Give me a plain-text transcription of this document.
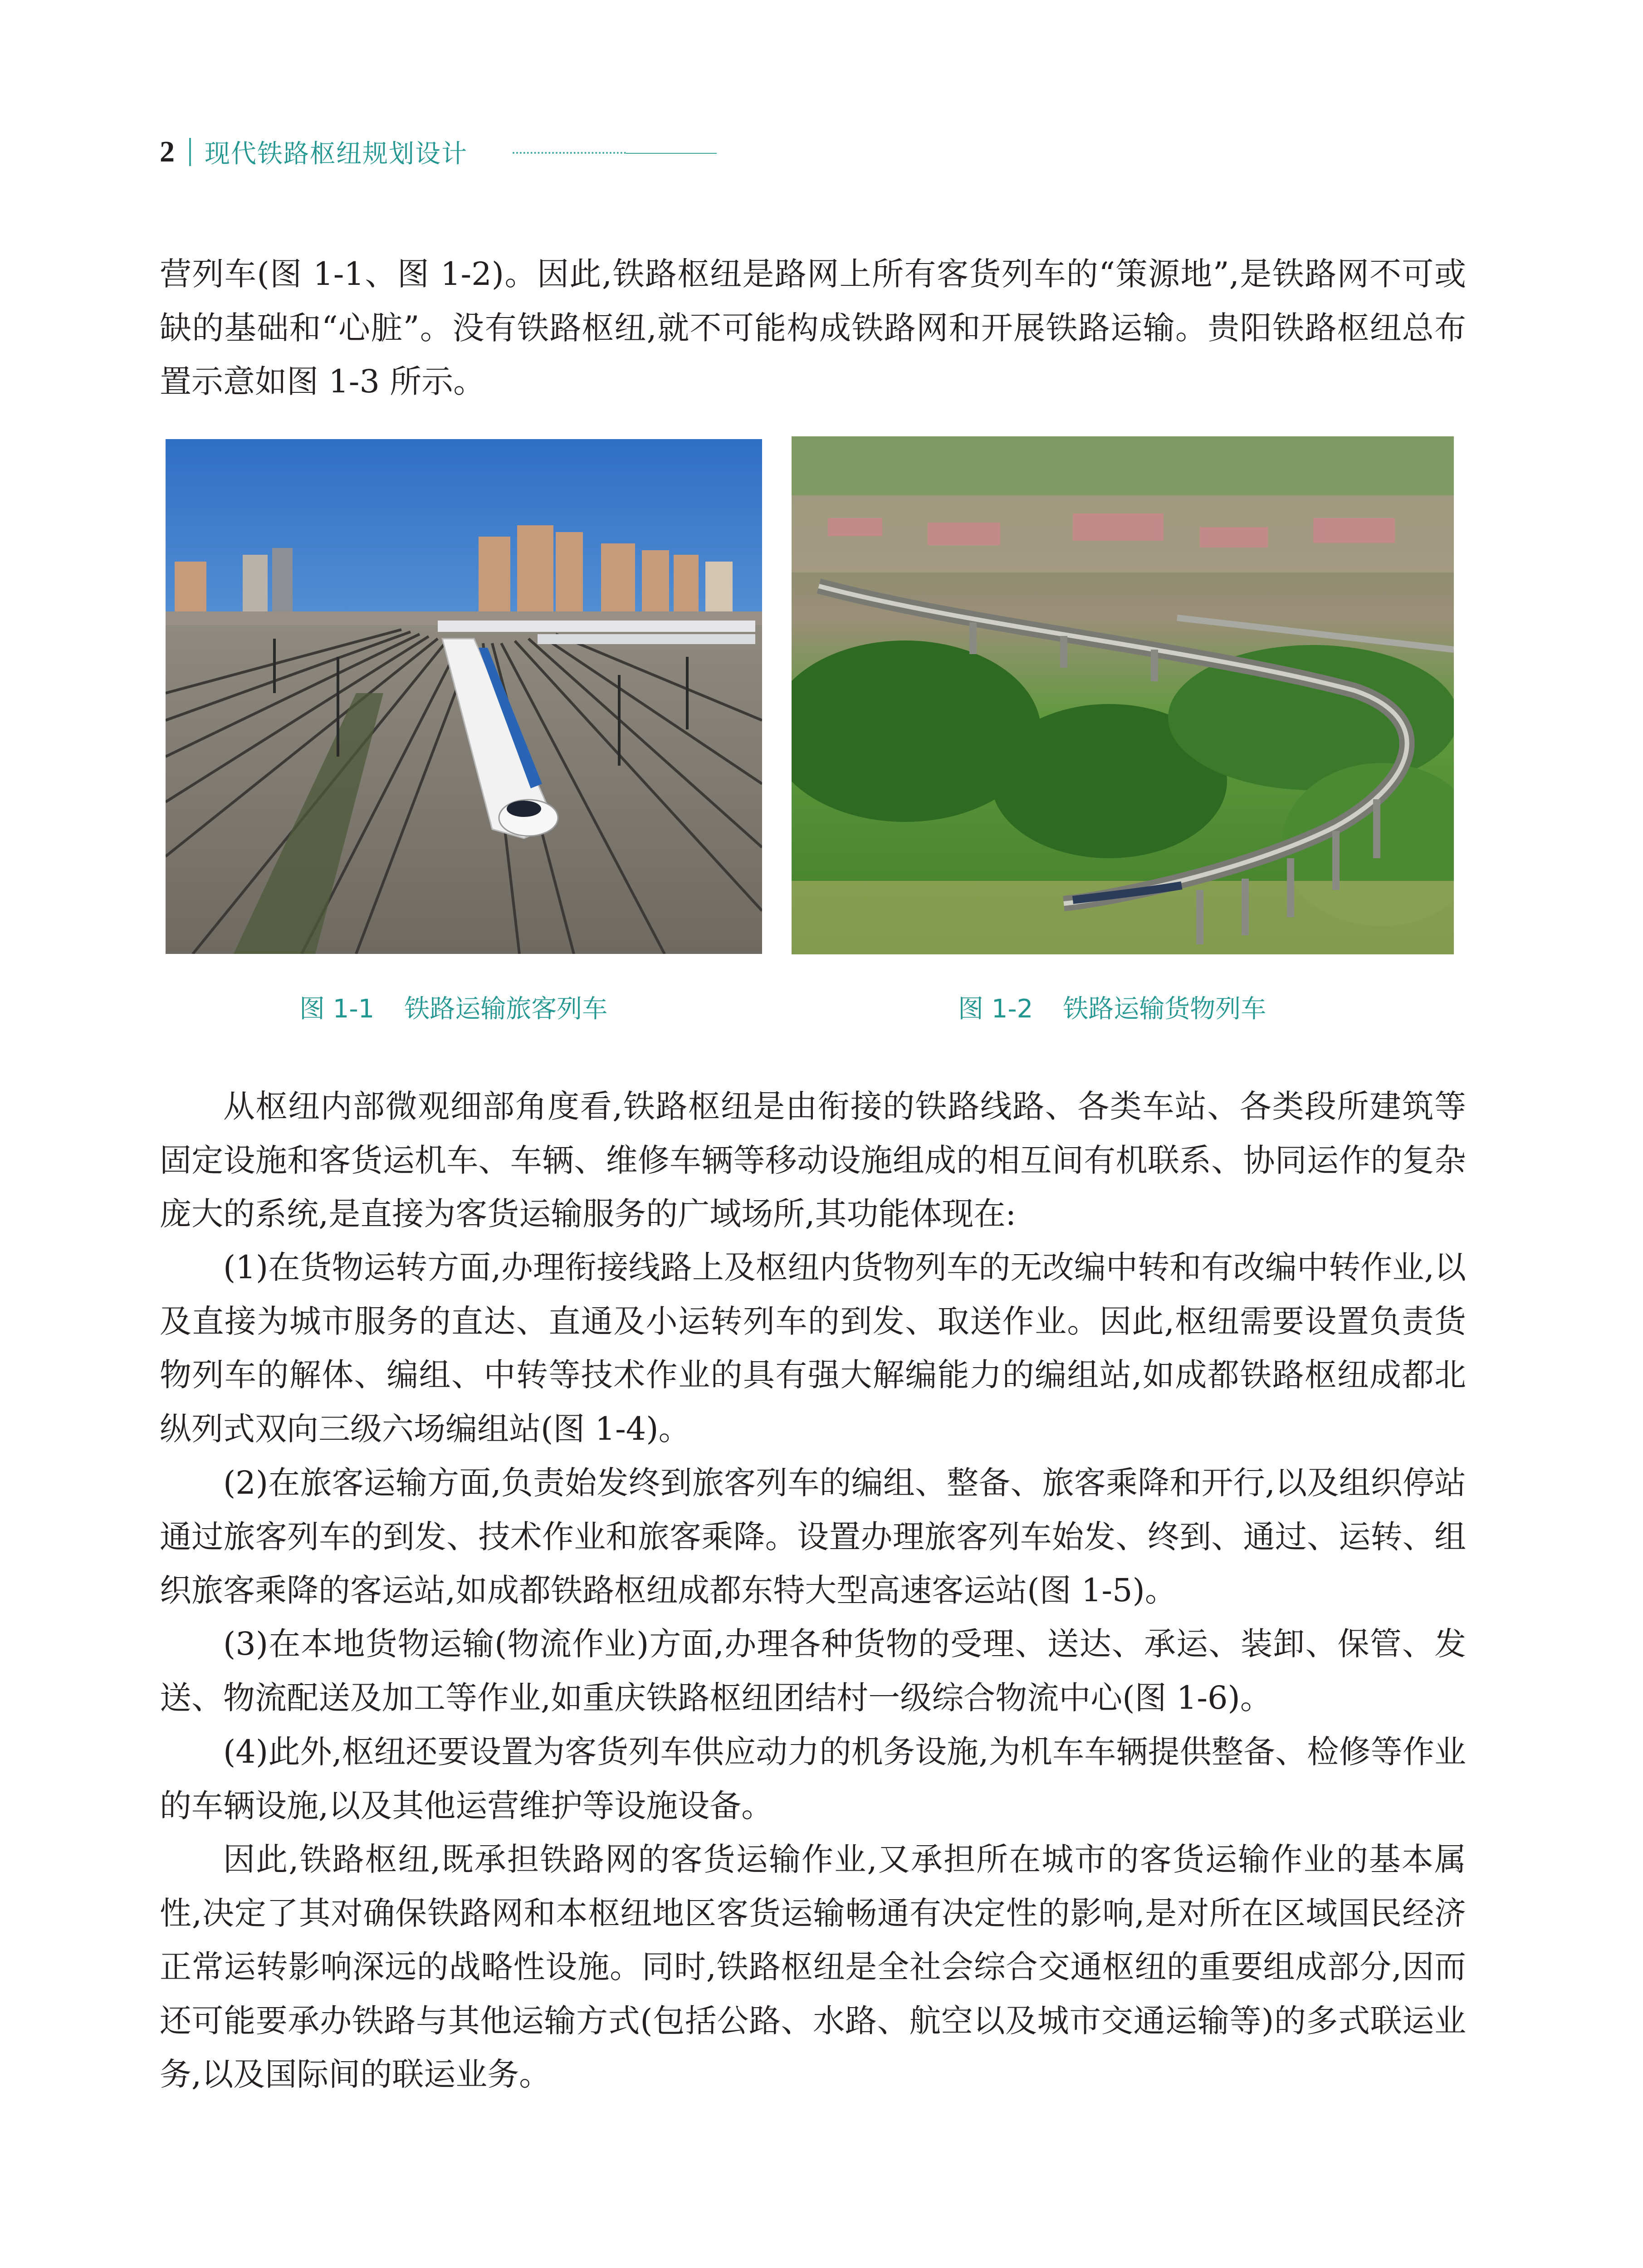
2 现代铁路枢纽规划设计

营列车(图 1-1、图 1-2)。因此,铁路枢纽是路网上所有客货列车的“策源地”,是铁路网不可或缺的基础和“心脏”。没有铁路枢纽,就不可能构成铁路网和开展铁路运输。贵阳铁路枢纽总布置示意如图 1-3 所示。

图 1-1 铁路运输旅客列车	图 1-2 铁路运输货物列车

从枢纽内部微观细部角度看,铁路枢纽是由衔接的铁路线路、各类车站、各类段所建筑等固定设施和客货运机车、车辆、维修车辆等移动设施组成的相互间有机联系、协同运作的复杂庞大的系统,是直接为客货运输服务的广域场所,其功能体现在:

(1)在货物运转方面,办理衔接线路上及枢纽内货物列车的无改编中转和有改编中转作业,以及直接为城市服务的直达、直通及小运转列车的到发、取送作业。因此,枢纽需要设置负责货物列车的解体、编组、中转等技术作业的具有强大解编能力的编组站,如成都铁路枢纽成都北纵列式双向三级六场编组站(图 1-4)。

(2)在旅客运输方面,负责始发终到旅客列车的编组、整备、旅客乘降和开行,以及组织停站通过旅客列车的到发、技术作业和旅客乘降。设置办理旅客列车始发、终到、通过、运转、组织旅客乘降的客运站,如成都铁路枢纽成都东特大型高速客运站(图 1-5)。

(3)在本地货物运输(物流作业)方面,办理各种货物的受理、送达、承运、装卸、保管、发送、物流配送及加工等作业,如重庆铁路枢纽团结村一级综合物流中心(图 1-6)。

(4)此外,枢纽还要设置为客货列车供应动力的机务设施,为机车车辆提供整备、检修等作业的车辆设施,以及其他运营维护等设施设备。

因此,铁路枢纽,既承担铁路网的客货运输作业,又承担所在城市的客货运输作业的基本属性,决定了其对确保铁路网和本枢纽地区客货运输畅通有决定性的影响,是对所在区域国民经济正常运转影响深远的战略性设施。同时,铁路枢纽是全社会综合交通枢纽的重要组成部分,因而还可能要承办铁路与其他运输方式(包括公路、水路、航空以及城市交通运输等)的多式联运业务,以及国际间的联运业务。
